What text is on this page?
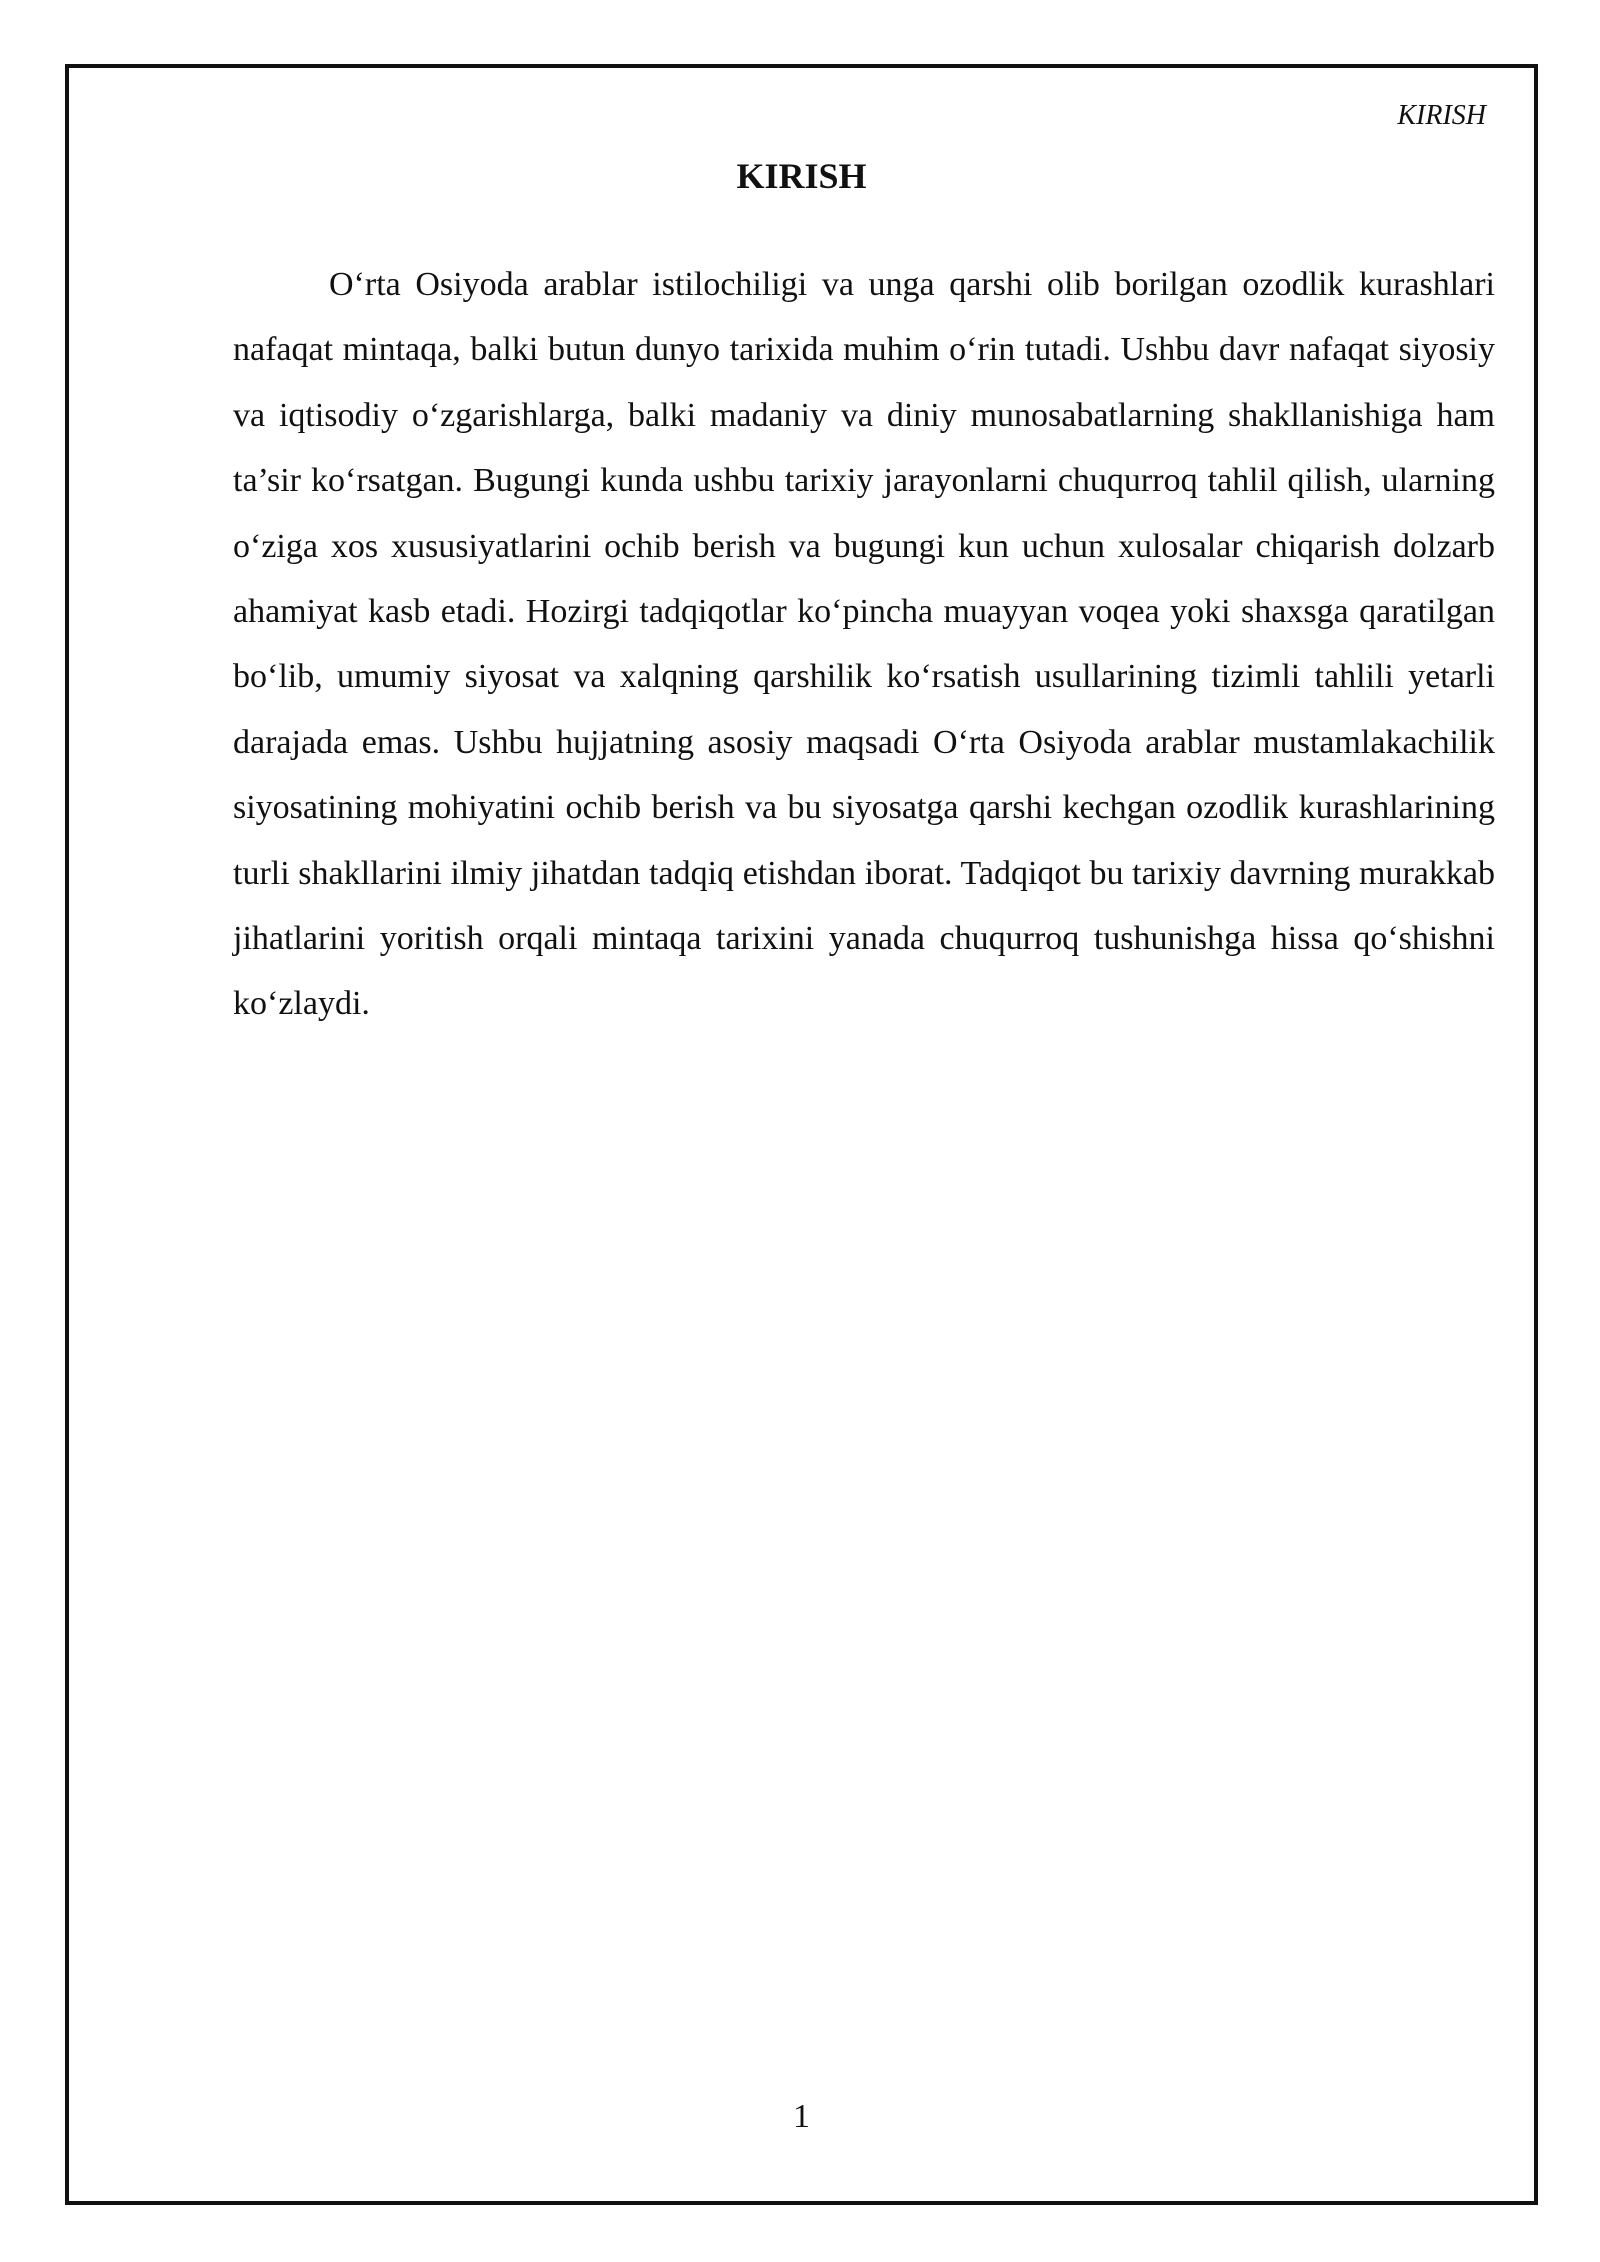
KIRISH
KIRISH

O‘rta Osiyoda arablar istilochiligi va unga qarshi olib borilgan ozodlik kurashlari nafaqat mintaqa, balki butun dunyo tarixida muhim o‘rin tutadi. Ushbu davr nafaqat siyosiy va iqtisodiy o‘zgarishlarga, balki madaniy va diniy munosabatlarning shakllanishiga ham ta’sir ko‘rsatgan. Bugungi kunda ushbu tarixiy jarayonlarni chuqurroq tahlil qilish, ularning o‘ziga xos xususiyatlarini ochib berish va bugungi kun uchun xulosalar chiqarish dolzarb ahamiyat kasb etadi. Hozirgi tadqiqotlar ko‘pincha muayyan voqea yoki shaxsga qaratilgan bo‘lib, umumiy siyosat va xalqning qarshilik ko‘rsatish usullarining tizimli tahlili yetarli darajada emas. Ushbu hujjatning asosiy maqsadi O‘rta Osiyoda arablar mustamlakachilik siyosatining mohiyatini ochib berish va bu siyosatga qarshi kechgan ozodlik kurashlarining turli shakllarini ilmiy jihatdan tadqiq etishdan iborat. Tadqiqot bu tarixiy davrning murakkab jihatlarini yoritish orqali mintaqa tarixini yanada chuqurroq tushunishga hissa qo‘shishni ko‘zlaydi.

1
